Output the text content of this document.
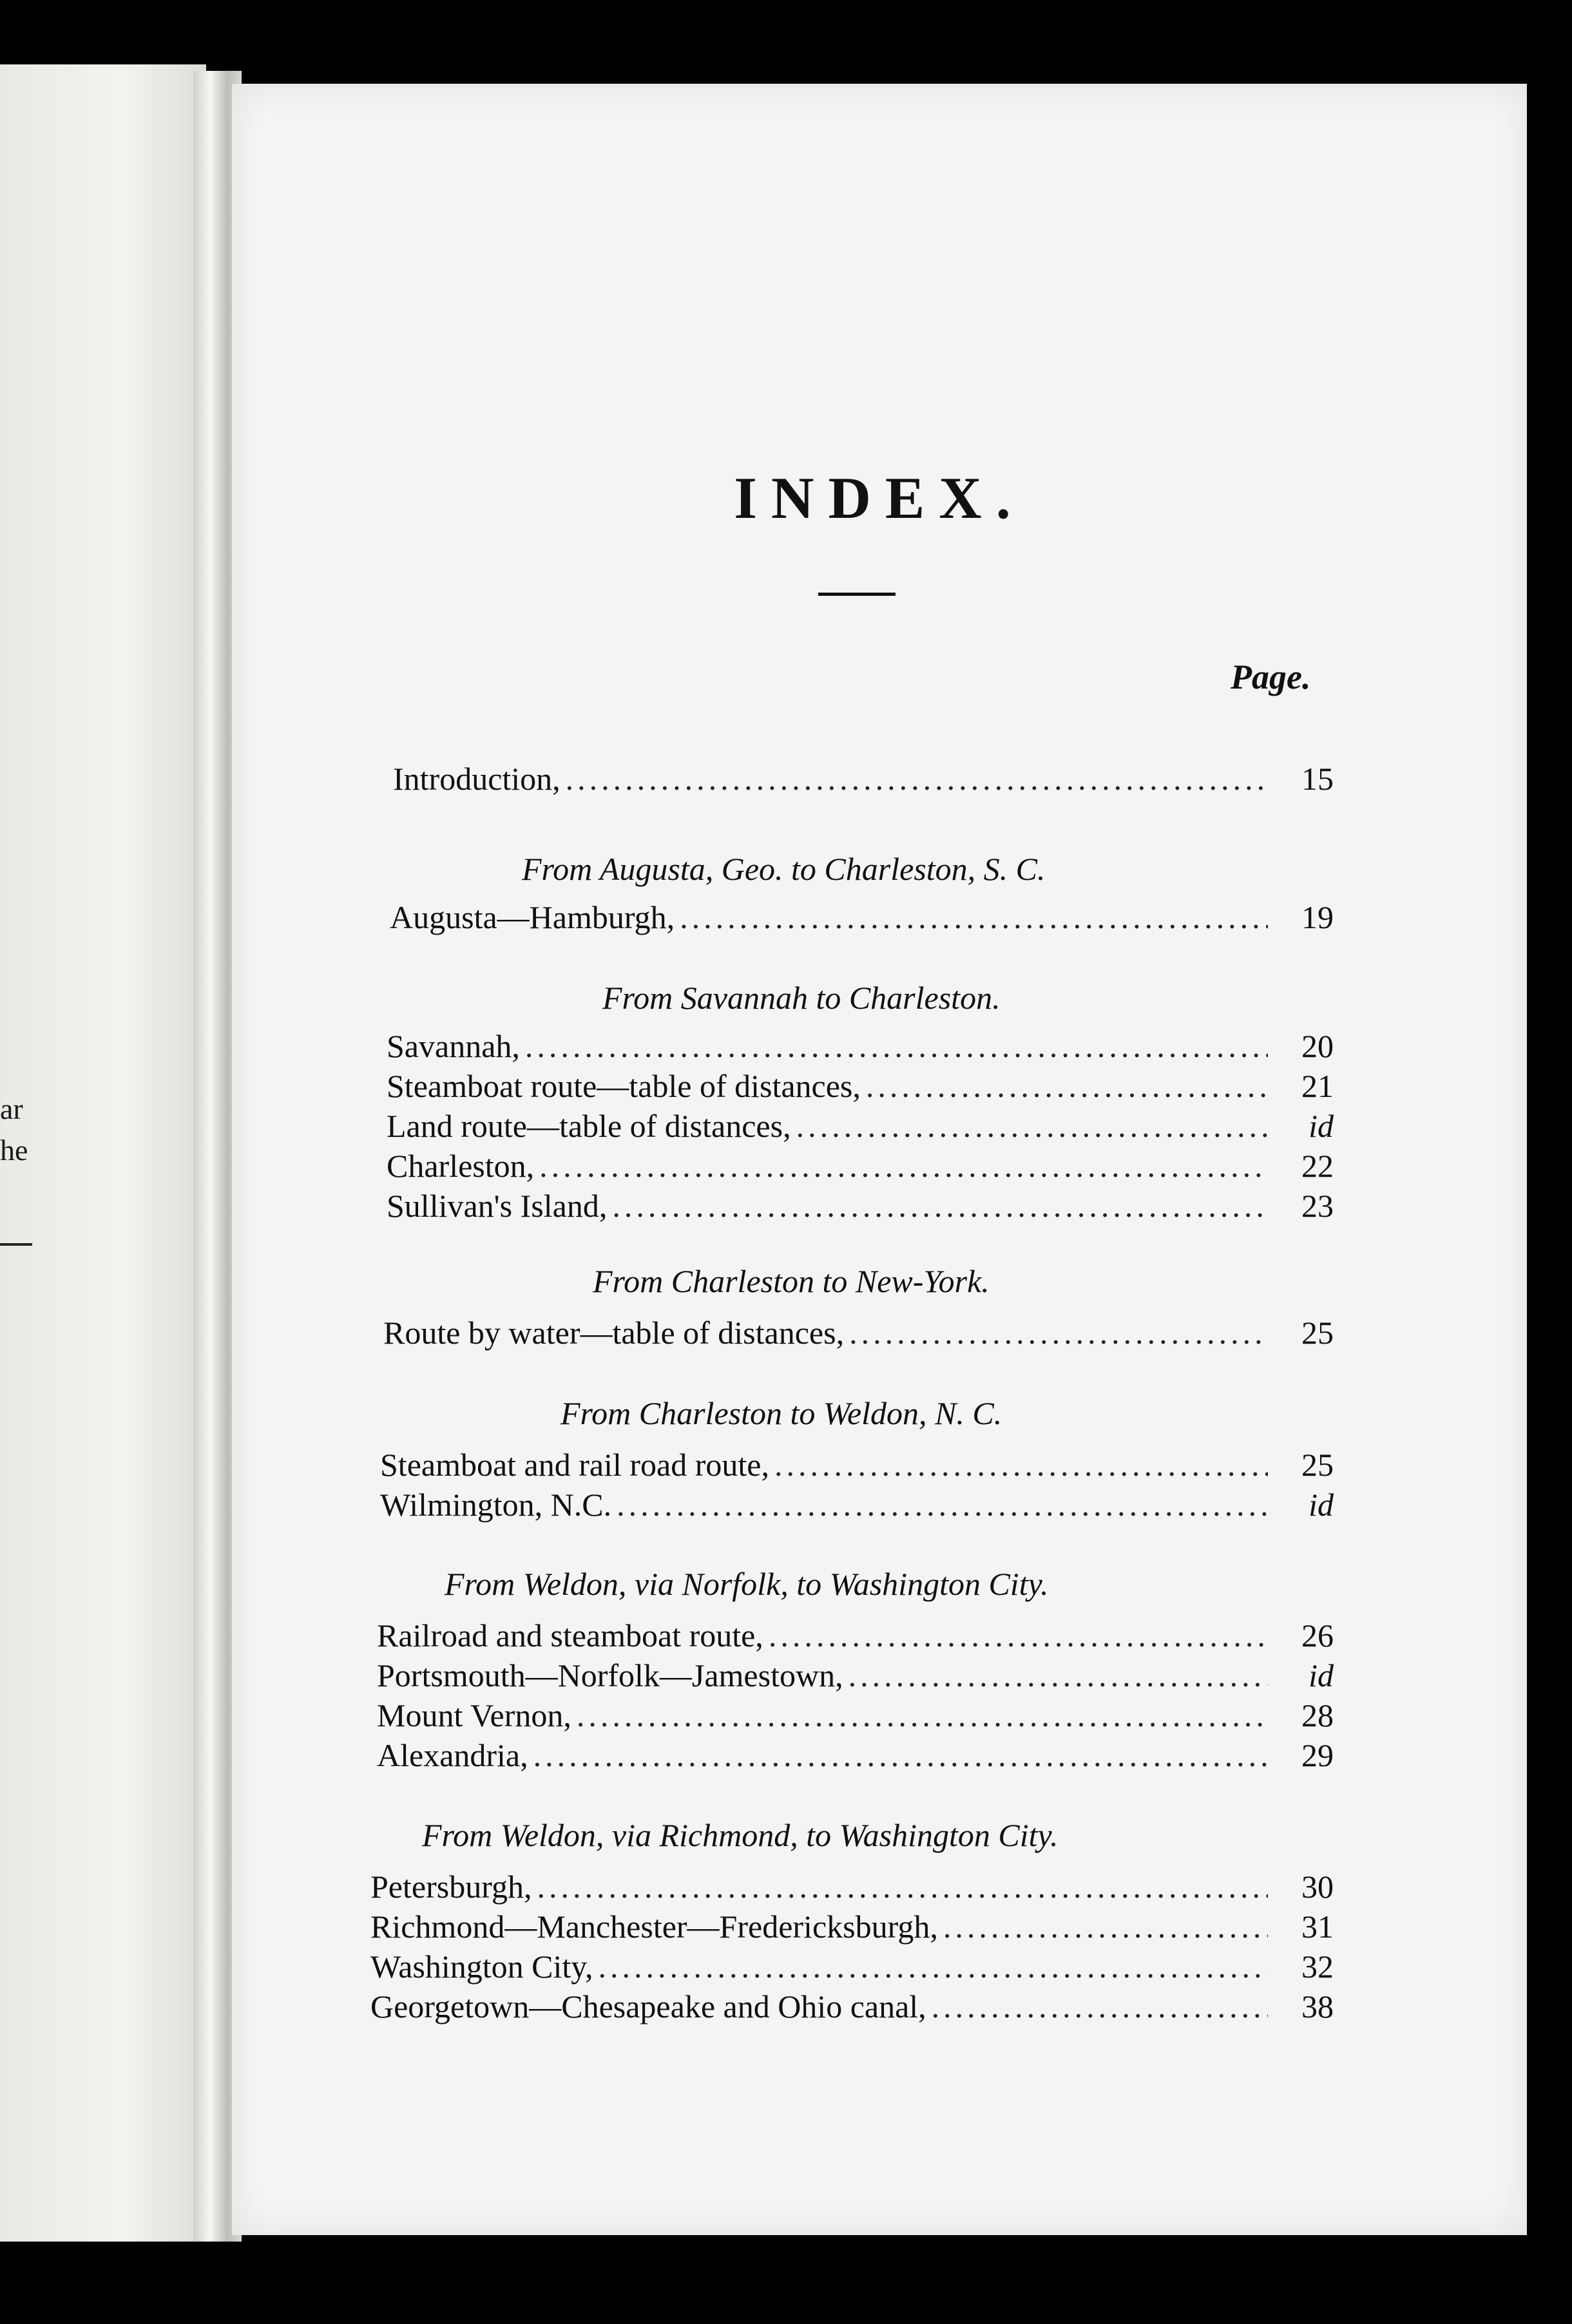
ar
he
INDEX.
Page.
Introduction, .....	15
From Augusta, Geo. to Charleston, S. C.
Augusta—Hamburgh, .....	19
From Savannah to Charleston.
Savannah, .....	20
Steamboat route—table of distances, .....	21
Land route—table of distances, .....	id
Charleston, .....	22
Sullivan's Island, .....	23
From Charleston to New-York.
Route by water—table of distances, .....	25
From Charleston to Weldon, N. C.
Steamboat and rail road route, .....	25
Wilmington, N.C. .....	id
From Weldon, via Norfolk, to Washington City.
Railroad and steamboat route, .....	26
Portsmouth—Norfolk—Jamestown, .....	id
Mount Vernon, .....	28
Alexandria, .....	29
From Weldon, via Richmond, to Washington City.
Petersburgh, .....	30
Richmond—Manchester—Fredericksburgh, .....	31
Washington City, .....	32
Georgetown—Chesapeake and Ohio canal, .....	38
